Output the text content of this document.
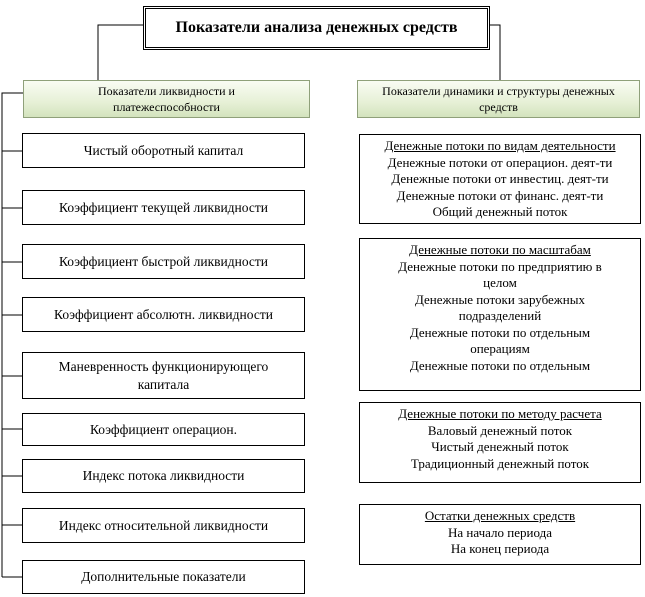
Показатели анализа денежных средств
Показатели ликвидности и
платежеспособности
Показатели динамики и структуры денежных
средств
Чистый оборотный капитал
Коэффициент текущей ликвидности
Коэффициент быстрой ликвидности
Коэффициент абсолютн. ликвидности
Маневренность функционирующего
капитала
Коэффициент операцион.
Индекс потока ликвидности
Индекс относительной ликвидности
Дополнительные показатели
Денежные потоки по видам деятельности
Денежные потоки от операцион. деят-ти
Денежные потоки от инвестиц. деят-ти
Денежные потоки от финанс. деят-ти
Общий денежный поток
Денежные потоки по масштабам
Денежные потоки по предприятию в
целом
Денежные потоки зарубежных
подразделений
Денежные потоки по отдельным
операциям
Денежные потоки по отдельным
Денежные потоки по методу расчета
Валовый денежный поток
Чистый денежный поток
Традиционный денежный поток
Остатки денежных средств
На начало периода
На конец периода
